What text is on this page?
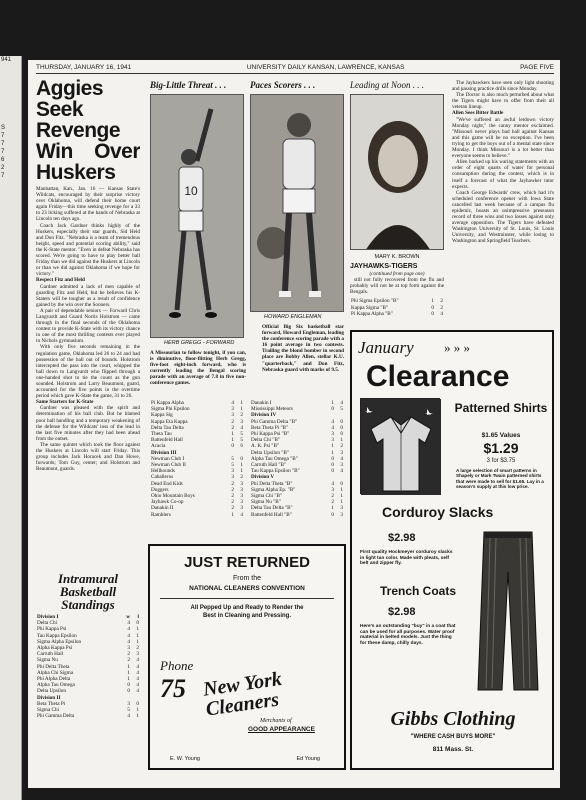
941
S
7
7
7
6
2
7
THURSDAY, JANUARY 16, 1941	UNIVERSITY DAILY KANSAN, LAWRENCE, KANSAS	PAGE FIVE
Aggies Seek Revenge Win Over Huskers

Manhattan, Kan., Jan. 16 — Kansas State's Wildcats, encouraged by their surprise victory over Oklahoma, will defend their home court again Friday—this time seeking revenge for a 33 to 23 licking suffered at the hands of Nebraska at Lincoln ten days ago.

Coach Jack Gardner thinks highly of the Huskers, especially their star guards, Sid Held and Don Fitz. "Nebraska is a team of tremendous height, speed and potential scoring ability," said the K-State mentor. "Even in defeat Nebraska has scored. We're going to have to play better ball Friday than we did against the Huskers at Lincoln or than we did against Oklahoma if we hope for victory."

Respect Fitz and Held

Gardner admitted a lack of men capable of guarding Fitz and Held, but he believes his K-Staters will be tougher as a result of confidence gained by the win over the Sooners.

A pair of dependable seniors — Forward Chris Langvardt and Guard Norris Holstrom — came through in the final seconds of the Oklahoma contest to provide K-State with its victory chance in one of the most thrilling contests ever played in Nichols gymnasium.

With only five seconds remaining in the regulation game, Oklahoma led 26 to 24 and had possession of the ball out of bounds. Holstrom intercepted the pass into the court, whipped the ball down to Langvardt who flipped through a one-handed shot to tie the count as the gun sounded. Holstrom and Larry Beaumont, guard, accounted for the five points in the overtime period which gave K-State the game, 31 to 26.

Same Starters for K-State

Gardner was pleased with the spirit and determination of his ball club. But he blamed poor ball handling and a temporary weakening of the defense for the Wildcats' loss of the lead in the last five minutes after they had been ahead from the outset.

The same quintet which took the floor against the Huskers at Lincoln will start Friday. This group includes Jack Horacek and Dan Howe, forwards; Tom Guy, center; and Holstrom and Beaumont, guards.

Intramural Basketball Standings
Division I	w	l
Delta Chi	4	0
Phi Kappa Psi	4	1
Tau Kappa Epsilon	4	1
Sigma Alpha Epsilon	4	1
Alpha Kappa Psi	3	2
Carruth Hall	2	3
Sigma Nu	2	4
Phi Delta Theta	1	4
Alpha Chi Sigma	1	4
Phi Alpha Delta	1	4
Alpha Tau Omega	0	4
Delta Upsilon	0	4
Division II		
Beta Theta Pi	3	0
Sigma Chi	5	1
Phi Gamma Delta	4	1
Big-Little Threat . . .	Paces Scorers . . .	Leading at Noon . . .
10
HERB GREGG - FORWARD
A Missourian to follow tonight, if you can, is diminutive, floor-flitting Herb Gregg, five-foot eight-inch forward, who is currently leading the Bengal scoring parade with an average of 7.8 in five non-conference games.
HOWARD ENGLEMAN
Official Big Six basketball star forward, Howard Engleman, leading the conference scoring parade with a 16 point average in two contests. Trailing the blond bomber in second place are Bobby Allen, stellar K.U. "quarterback," and Don Fitz, Nebraska guard with marks of 9.5.
MARY K. BROWN
JAYHAWKS-TIGERS
(continued from page one)

still not fully recovered from the flu and probably will not be at top form against the Bengals.

Phi Sigma Epsilon "B"	1	2
Kappa Sigma "B"	0	2
Pi Kappa Alpha "B"	0	4

The Jayhawkers have seen only light shooting and passing practice drills since Monday.

The Doctor is also much perturbed about what the Tigers might have to offer from their all veteran lineup.

Allen Sees Bitter Battle

"We've suffered an awful letdown victory Monday night," the canny mentor exclaimed. "Missouri never plays bad ball against Kansas and this game will be no exception. I've been trying to get the boys out of a mental state since Monday. I think Missouri is a lot better than everyone seems to believe."

Allen backed up his waring statements with an order of eight quarts of water for personal consumption during the contest, which is in itself a forecast of what the Jayhawker tutor expects.

Coach George Edwards' crew, which had it's scheduled conference opener with Iowa State cancelled last week because of a campus flu epidemic, boasts an unimpressive preseason record of three wins and two losses against only average opposition. The Tigers have defeated Washington University of St. Louis, St. Louis University, and Westminster, while losing to Washington and Springfield Teachers.

Pi Kappa Alpha	4	1
Sigma Phi Epsilon	3	1
Kappa Sig	3	2
Kappa Eta Kappa	2	3
Delta Tau Delta	2	4
Theta Tau	1	5
Battenfeld Hall	1	5
Acacia	0	6
Division III		
Newman Club I	5	0
Newman Club II	5	1
Hellhounds	3	1
Caballeros	3	2
Dead End Kids	2	3
Doggers	2	3
Ohio Mountain Boys	2	3
Jayhawk Co-op	2	3
Danakin II	2	3
Ramblers	1	4
Danakin I	1	4
Mississippi Meteors	0	5
Division IV		
Phi Gamma Delta "B"	4	0
Beta Theta Pi "B"	4	0
Phi Kappa Psi "B"	3	0
Delta Chi "B"	3	1
A. K. Psi "B"	1	2
Delta Upsilon "B"	1	3
Alpha Tau Omega "B"	0	4
Carruth Hall "B"	0	3
Tau Kappa Epsilon "B"	0	4
Division V		
Phi Delta Theta "B"	4	0
Sigma Alpha Ep. "B"	3	1
Sigma Chi "B"	2	1
Sigma Nu "B"	2	1
Delta Tau Delta "B"	1	3
Battenfeld Hall "B"	0	3
JUST RETURNED
From the
NATIONAL CLEANERS CONVENTION
All Pepped Up and Ready to Render the
Best in Cleaning and Pressing.
Phone
75 New York Cleaners
Merchants of
GOOD APPEARANCE
E. W. Young	Ed Young
January » » »
Clearance
Patterned Shirts
$1.65 Values
$1.29
3 for $3.75
A large selection of smart patterns in Shapely or Mark Twain patterned shirts that were made to sell for $1.65. Lay in a season's supply at this low price.
Corduroy Slacks
$2.98
First quality Hockmeyer corduroy slacks in light tan color. Made with pleats, self belt and zipper fly.
Trench Coats
$2.98
Here's an outstanding "buy" in a coat that can be used for all purposes. Water proof material in belted models. Just the thing for these damp, chilly days.
Gibbs Clothing
"WHERE CASH BUYS MORE"
811 Mass. St.
